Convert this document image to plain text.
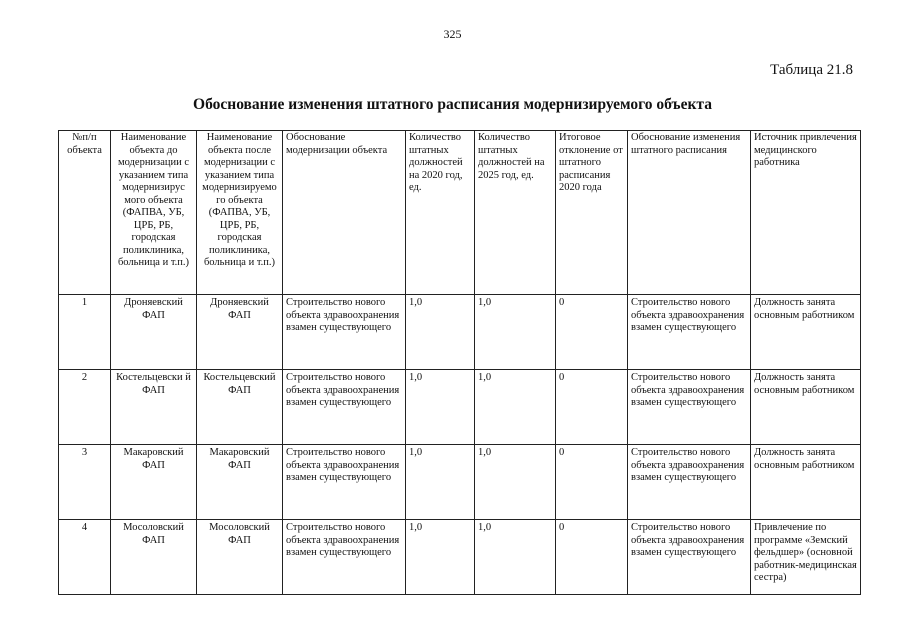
325
Таблица 21.8
Обоснование изменения штатного расписания модернизируемого объекта
№п/п объекта	Наименование объекта до модернизации с указанием типа модернизирус мого объекта (ФАПВА, УБ, ЦРБ, РБ, городская поликлиника, больница и т.п.)	Наименование объекта после модернизации с указанием типа модернизируемо го объекта (ФАПВА, УБ, ЦРБ, РБ, городская поликлиника, больница и т.п.)	Обоснование модернизации объекта	Количество штатных должностей на 2020 год, ед.	Количество штатных должностей на 2025 год, ед.	Итоговое отклонение от штатного расписания 2020 года	Обоснование изменения штатного расписания	Источник привлечения медицинского работника
1	Дроняевский ФАП	Дроняевский ФАП	Строительство нового объекта здравоохранения взамен существующего	1,0	1,0	0	Строительство нового объекта здравоохранения взамен существующего	Должность занята основным работником
2	Костельцевски й ФАП	Костельцевский ФАП	Строительство нового объекта здравоохранения взамен существующего	1,0	1,0	0	Строительство нового объекта здравоохранения взамен существующего	Должность занята основным работником
3	Макаровский ФАП	Макаровский ФАП	Строительство нового объекта здравоохранения взамен существующего	1,0	1,0	0	Строительство нового объекта здравоохранения взамен существующего	Должность занята основным работником
4	Мосоловский ФАП	Мосоловский ФАП	Строительство нового объекта здравоохранения взамен существующего	1,0	1,0	0	Строительство нового объекта здравоохранения взамен существующего	Привлечение по программе «Земский фельдшер» (основной работник-медицинская сестра)
